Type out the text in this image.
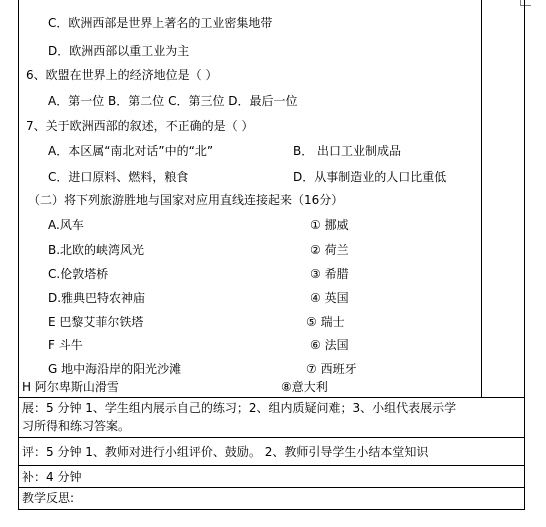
C．欧洲西部是世界上著名的工业密集地带
D．欧洲西部以重工业为主
6、欧盟在世界上的经济地位是（ ）
A．第一位 B．第二位 C．第三位 D．最后一位
7、关于欧洲西部的叙述，不正确的是（ ）
A．本区属“南北对话”中的“北”	B． 出口工业制成品
C．进口原料、燃料，粮食	D．从事制造业的人口比重低
（二）将下列旅游胜地与国家对应用直线连接起来（16分）
A.风车	① 挪威
B.北欧的峡湾风光	② 荷兰
C.伦敦塔桥	③ 希腊
D.雅典巴特农神庙	④ 英国
E 巴黎艾菲尔铁塔	⑤ 瑞士
F 斗牛	⑥ 法国
G 地中海沿岸的阳光沙滩	⑦ 西班牙
H 阿尔卑斯山滑雪	⑧意大利
展：5 分钟 1、学生组内展示自己的练习；2、组内质疑问难；3、小组代表展示学
习所得和练习答案。
评：5 分钟 1、教师对进行小组评价、鼓励。 2、教师引导学生小结本堂知识
补：4 分钟
教学反思:
